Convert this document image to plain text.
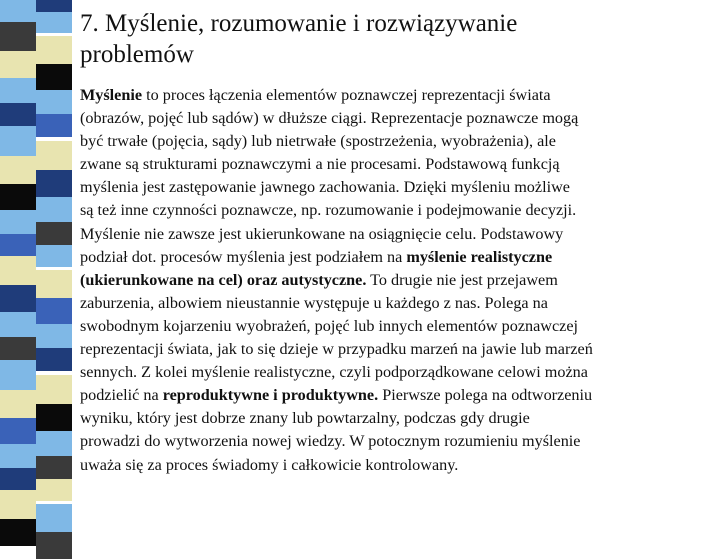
7. Myślenie, rozumowanie i rozwiązywanie
problemów
Myślenie to proces łączenia elementów poznawczej reprezentacji świata
(obrazów, pojęć lub sądów) w dłuższe ciągi. Reprezentacje poznawcze mogą
być trwałe (pojęcia, sądy) lub nietrwałe (spostrzeżenia, wyobrażenia), ale
zwane są strukturami poznawczymi a nie procesami. Podstawową funkcją
myślenia jest zastępowanie jawnego zachowania. Dzięki myśleniu możliwe
są też inne czynności poznawcze, np. rozumowanie i podejmowanie decyzji.
Myślenie nie zawsze jest ukierunkowane na osiągnięcie celu. Podstawowy
podział dot. procesów myślenia jest podziałem na myślenie realistyczne
(ukierunkowane na cel) oraz autystyczne. To drugie nie jest przejawem
zaburzenia, albowiem nieustannie występuje u każdego z nas. Polega na
swobodnym kojarzeniu wyobrażeń, pojęć lub innych elementów poznawczej
reprezentacji świata, jak to się dzieje w przypadku marzeń na jawie lub marzeń
sennych. Z kolei myślenie realistyczne, czyli podporządkowane celowi można
podzielić na reproduktywne i produktywne. Pierwsze polega na odtworzeniu
wyniku, który jest dobrze znany lub powtarzalny, podczas gdy drugie
prowadzi do wytworzenia nowej wiedzy. W potocznym rozumieniu myślenie
uważa się za proces świadomy i całkowicie kontrolowany.
